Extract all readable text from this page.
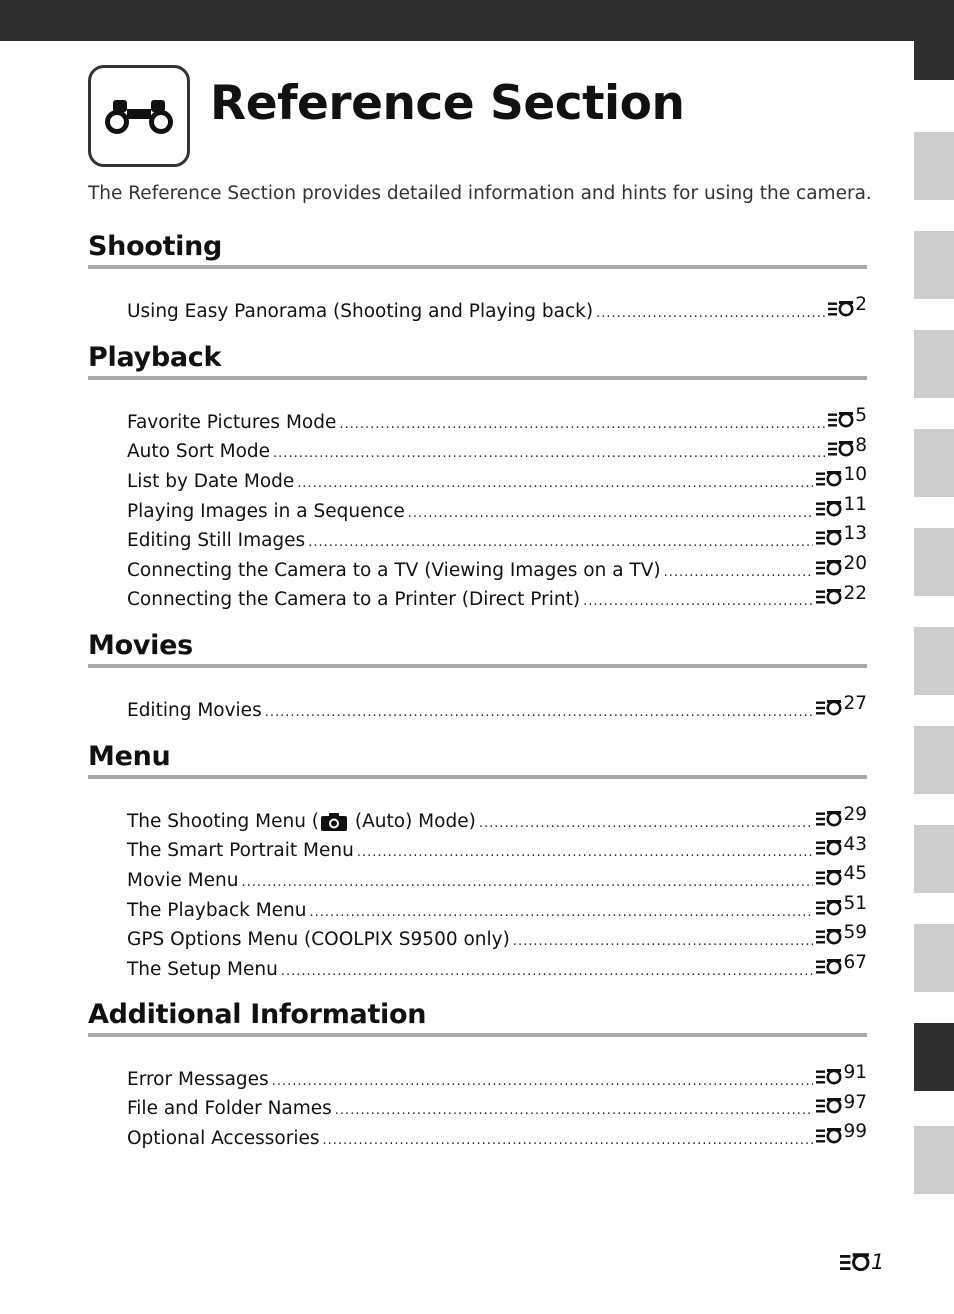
Reference Section
The Reference Section provides detailed information and hints for using the camera.
Shooting
Using Easy Panorama (Shooting and Playing back) .....	2
Playback
Favorite Pictures Mode .....	5
Auto Sort Mode .....	8
List by Date Mode .....	10
Playing Images in a Sequence .....	11
Editing Still Images .....	13
Connecting the Camera to a TV (Viewing Images on a TV) .....	20
Connecting the Camera to a Printer (Direct Print) .....	22
Movies
Editing Movies .....	27
Menu
The Shooting Menu ( (Auto) Mode) .....	29
The Smart Portrait Menu .....	43
Movie Menu .....	45
The Playback Menu .....	51
GPS Options Menu (COOLPIX S9500 only) .....	59
The Setup Menu .....	67
Additional Information
Error Messages .....	91
File and Folder Names .....	97
Optional Accessories .....	99
1
